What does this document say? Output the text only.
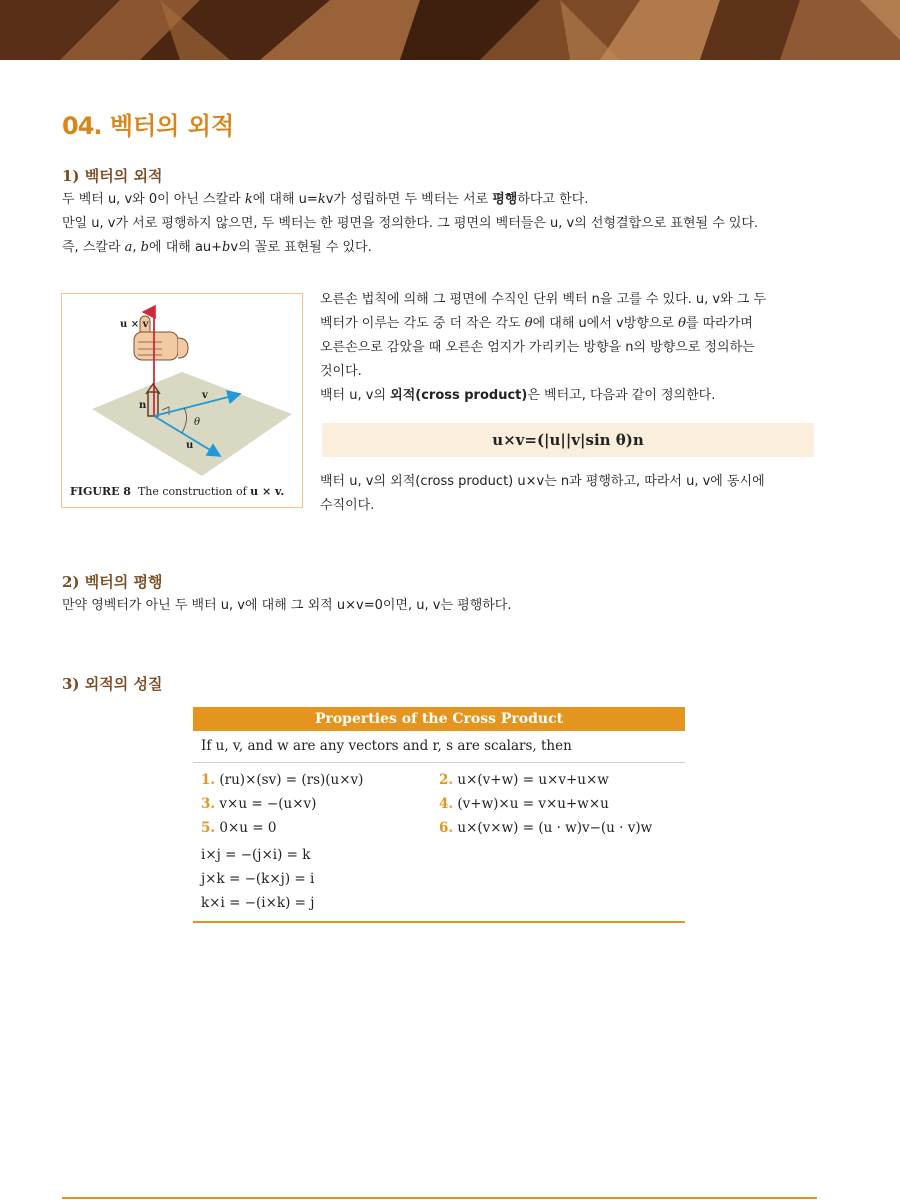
04. 벡터의 외적
1) 벡터의 외적

두 벡터 u, v와 0이 아닌 스칼라 k에 대해 u=kv가 성립하면 두 벡터는 서로 평행하다고 한다.

만일 u, v가 서로 평행하지 않으면, 두 벡터는 한 평면을 정의한다. 그 평면의 벡터들은 u, v의 선형결합으로 표현될 수 있다.

즉, 스칼라 a, b에 대해 au+bv의 꼴로 표현될 수 있다.

u × v
n
v
u
θ
FIGURE 8 The construction of u × v.

오른손 법칙에 의해 그 평면에 수직인 단위 벡터 n을 고를 수 있다. u, v와 그 두

벡터가 이루는 각도 중 더 작은 각도 θ에 대해 u에서 v방향으로 θ를 따라가며

오른손으로 감았을 때 오른손 엄지가 가리키는 방향을 n의 방향으로 정의하는

것이다.

백터 u, v의 외적(cross product)은 벡터고, 다음과 같이 정의한다.

u×v=(|u||v|sin θ)n

백터 u, v의 외적(cross product) u×v는 n과 평행하고, 따라서 u, v에 동시에

수직이다.

2) 벡터의 평행

만약 영벡터가 아닌 두 백터 u, v에 대해 그 외적 u×v=0이면, u, v는 평행하다.

3) 외적의 성질
Properties of the Cross Product
If u, v, and w are any vectors and r, s are scalars, then
1. (ru)×(sv) = (rs)(u×v)	2. u×(v+w) = u×v+u×w
3. v×u = −(u×v)	4. (v+w)×u = v×u+w×u
5. 0×u = 0	6. u×(v×w) = (u · w)v−(u · v)w

i×j = −(j×i) = k

j×k = −(k×j) = i

k×i = −(i×k) = j
